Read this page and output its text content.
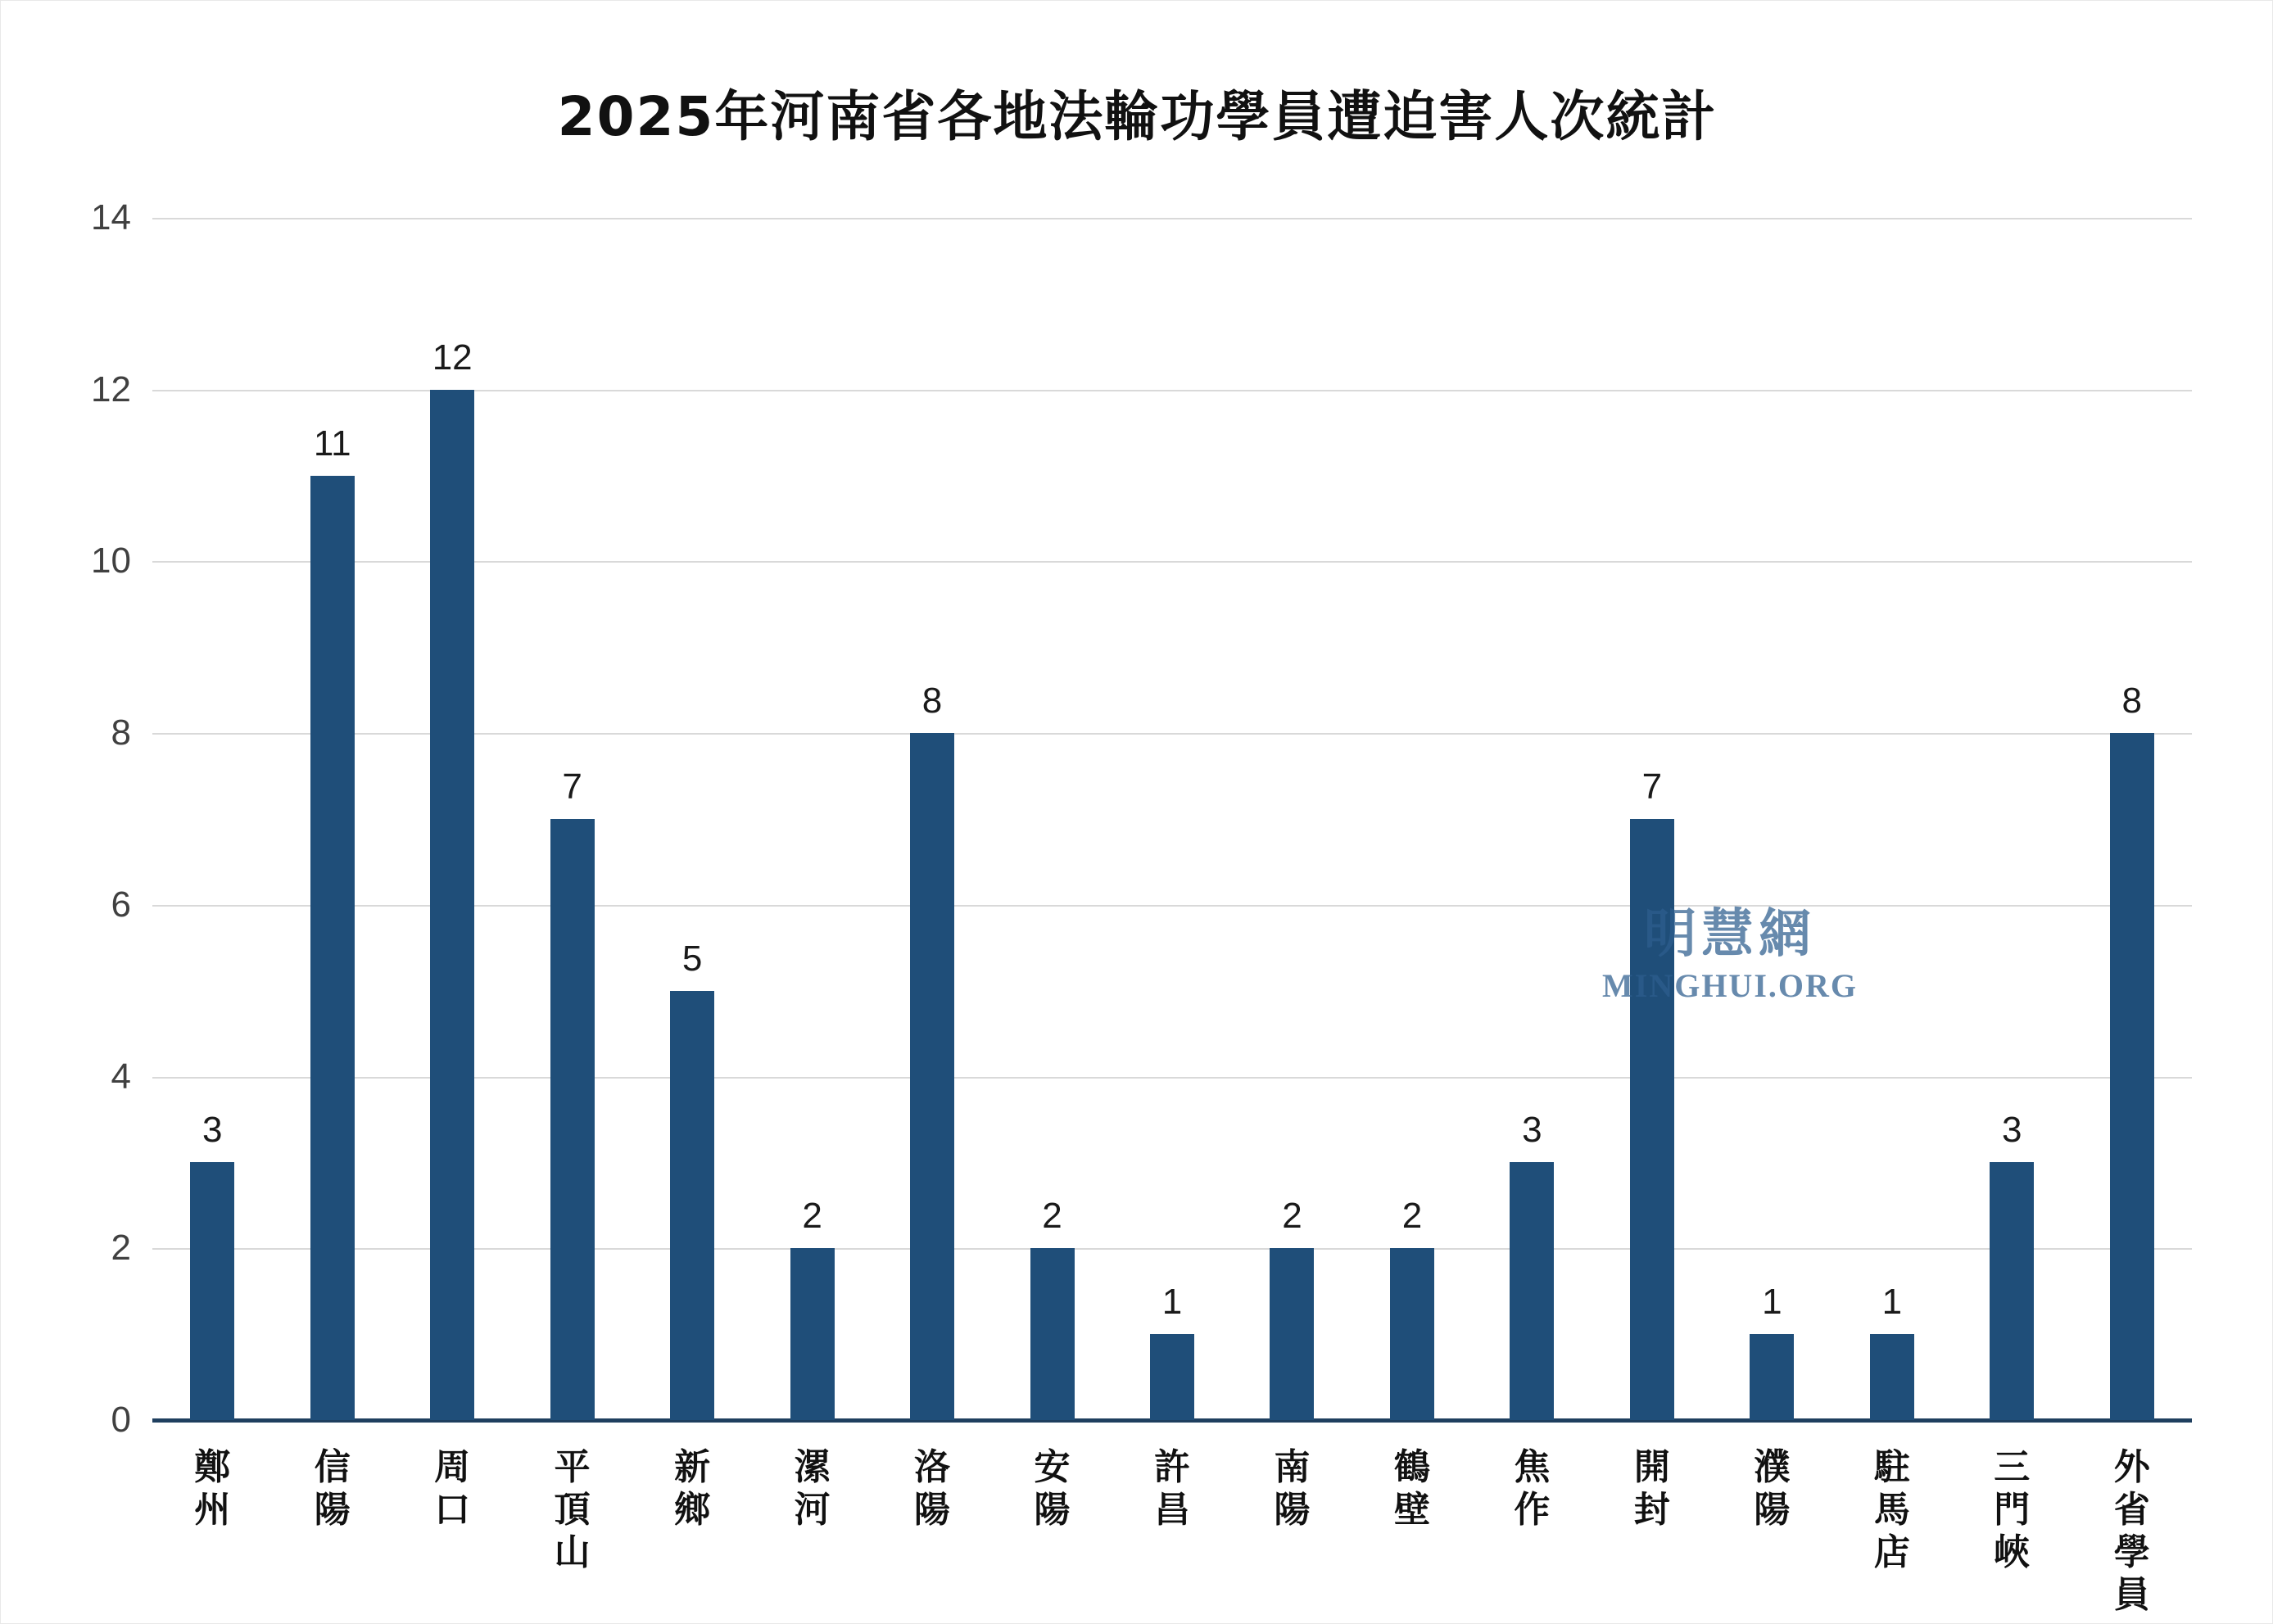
2025年河南省各地法輪功學員遭迫害人次統計
0
2
4
6
8
10
12
14
3
鄭州
11
信陽
12
周口
7
平頂山
5
新鄉
2
漯河
8
洛陽
2
安陽
1
許昌
2
南陽
2
鶴壁
3
焦作
7
開封
1
濮陽
1
駐馬店
3
三門峽
8
外省學員
明慧網
MINGHUI.ORG
